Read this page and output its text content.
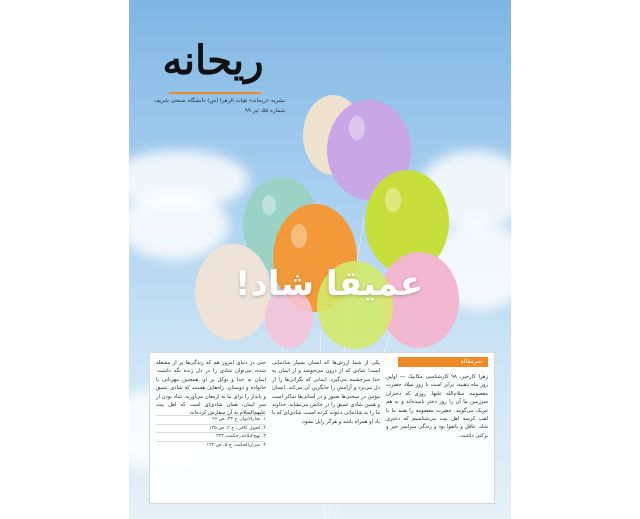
ریحانه
نشریه «ریحانه» هیات الزهرا (س) دانشگاه صنعتی شریف
شماره ۵۵، تیر ۹۹
عمیقا شاد!
سرمقاله
زهرا کارخیر، ۹۸ کارشناسی مکانیک — اولین روز ماه ذهبیه، برابر است با روز میلاد حضرت معصومه، سلام‌الله علیها. روزی که دختران سرزمین ما آن را روز دختر نامیده‌اند و به هم تبریک می‌گویند. حضرت معصومه را همه ما با لقب کریمه اهل بیت می‌شناسیم که دختری شاد، عاقل و باتقوا بود و زندگی سراسر خیر و برکتی داشت.
یکی از شما ارزش‌ها که انسان بسیار شادمانی است؛ شادی که از درون می‌جوشد و از ایمان به خدا سرچشمه می‌گیرد. ایمانی که نگرانی‌ها را از دل می‌برد و آرامش را جایگزین آن می‌کند. انسان مؤمن در سختی‌ها صبور و در آسانی‌ها شاکر است و همین شادی عمیق را در جانش می‌نشاند. خداوند ما را به شادمانی دعوت کرده است، شادی‌ای که با یاد او همراه باشد و هرگز زایل نشود.
حتی در دنیای امروز هم که زندگی‌ها پر از مشغله شده، می‌توان شادی را در دل زنده نگه داشت. ایمان به خدا و توکل بر او، همچنین مهربانی با خانواده و دوستان، راه‌هایی هستند که شادی عمیق و پایدار را برای ما به ارمغان می‌آورند. شاد بودن از سر ایمان، همان شادی‌ای است که اهل بیت علیهم‌السلام به آن سفارش کرده‌اند.
۱. بحارالانوار، ج ۴۳، ص ۲۶
۲. اصول کافی، ج ۲، ص ۱۳۵
۳. نهج‌البلاغه، حکمت ۳۳۳
۴. میزان‌الحکمه، ج ۵، ص ۱۲۲
